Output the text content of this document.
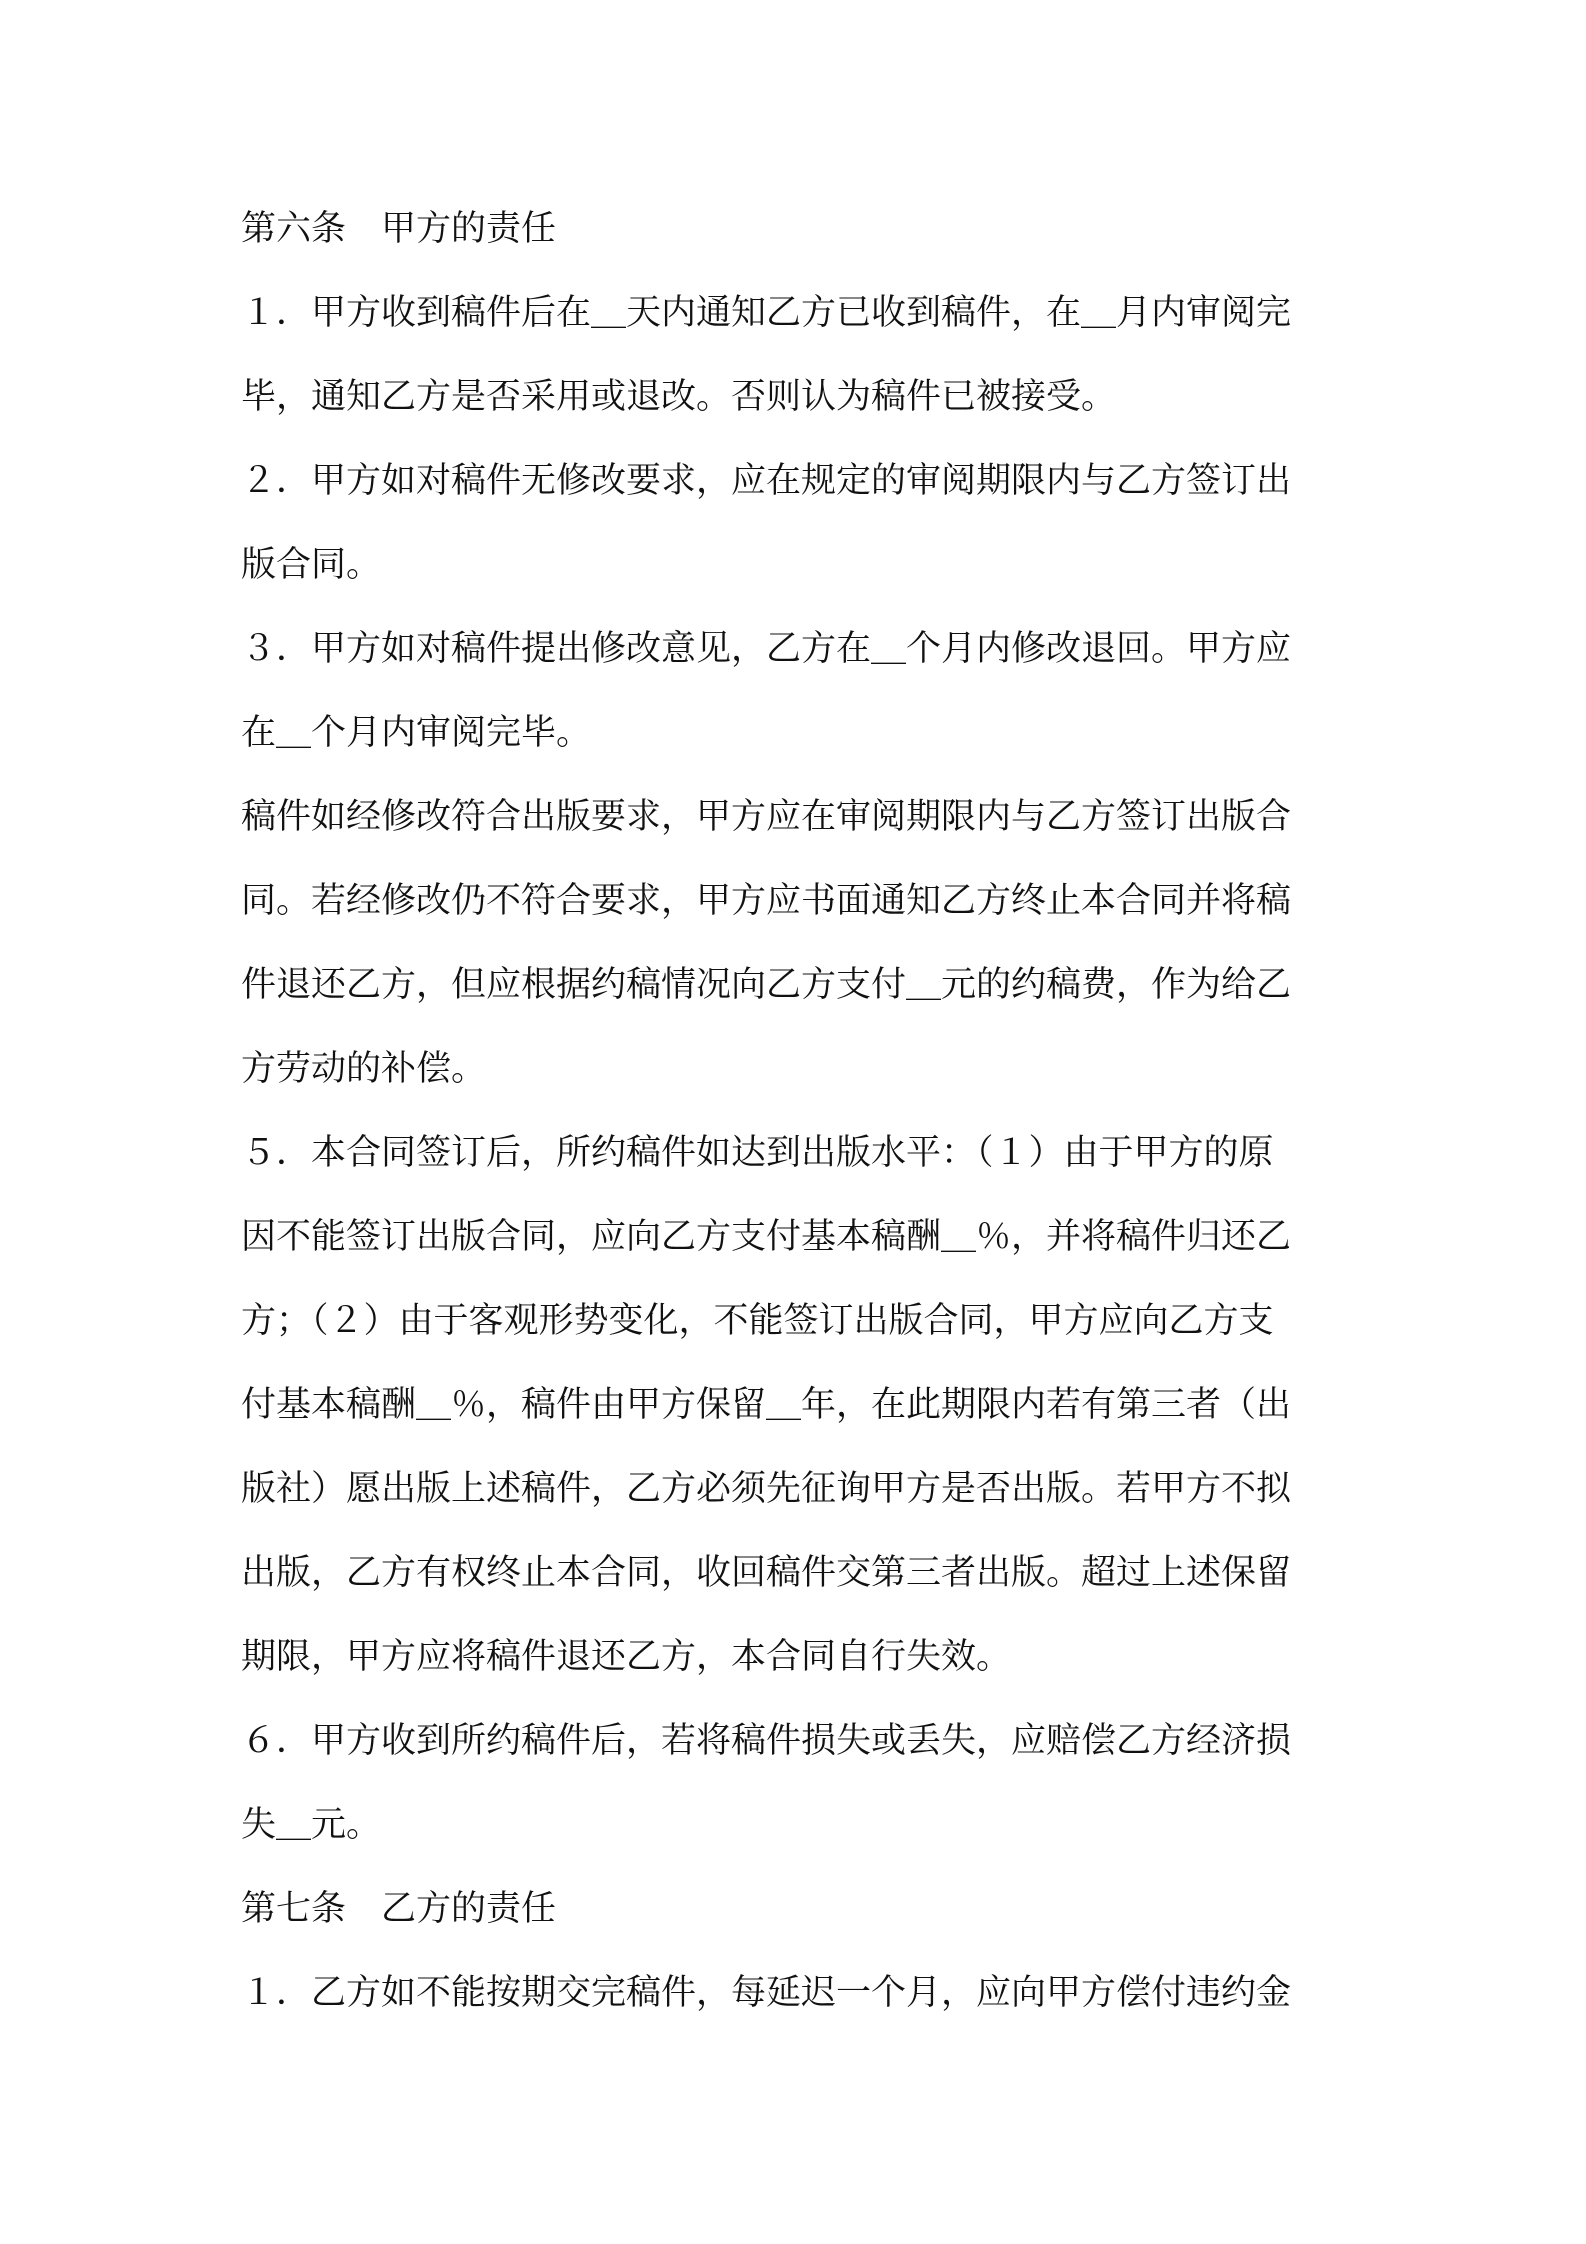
第六条　甲方的责任

１．甲方收到稿件后在＿天内通知乙方已收到稿件，在＿月内审阅完

毕，通知乙方是否采用或退改。否则认为稿件已被接受。

２．甲方如对稿件无修改要求，应在规定的审阅期限内与乙方签订出

版合同。

３．甲方如对稿件提出修改意见，乙方在＿个月内修改退回。甲方应

在＿个月内审阅完毕。

稿件如经修改符合出版要求，甲方应在审阅期限内与乙方签订出版合

同。若经修改仍不符合要求，甲方应书面通知乙方终止本合同并将稿

件退还乙方，但应根据约稿情况向乙方支付＿元的约稿费，作为给乙

方劳动的补偿。

５．本合同签订后，所约稿件如达到出版水平：（１）由于甲方的原

因不能签订出版合同，应向乙方支付基本稿酬＿％，并将稿件归还乙

方；（２）由于客观形势变化，不能签订出版合同，甲方应向乙方支

付基本稿酬＿％，稿件由甲方保留＿年，在此期限内若有第三者（出

版社）愿出版上述稿件，乙方必须先征询甲方是否出版。若甲方不拟

出版，乙方有权终止本合同，收回稿件交第三者出版。超过上述保留

期限，甲方应将稿件退还乙方，本合同自行失效。

６．甲方收到所约稿件后，若将稿件损失或丢失，应赔偿乙方经济损

失＿元。

第七条　乙方的责任

１．乙方如不能按期交完稿件，每延迟一个月，应向甲方偿付违约金
